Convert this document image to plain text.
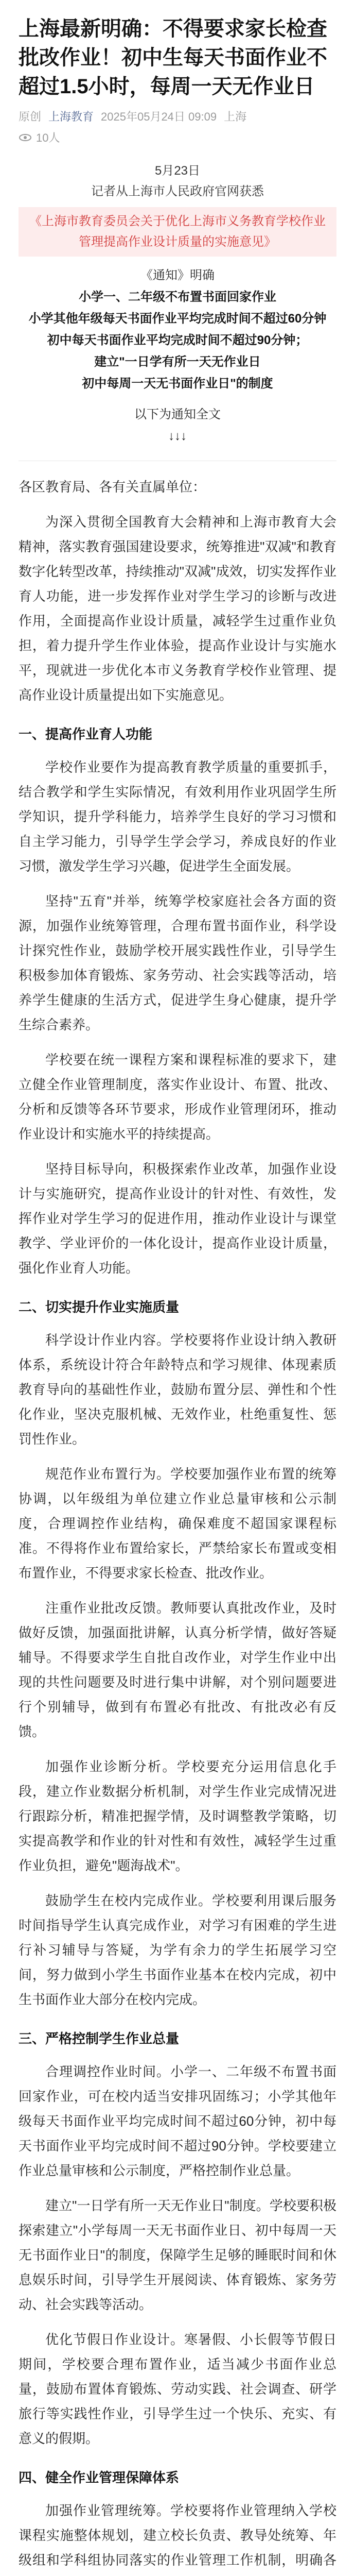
上海最新明确：不得要求家长检查批改作业！初中生每天书面作业不超过1.5小时，每周一天无作业日
原创 上海教育 2025年05月24日 09:09 上海
10人
5月23日
记者从上海市人民政府官网获悉
《上海市教育委员会关于优化上海市义务教育学校作业管理提高作业设计质量的实施意见》
《通知》明确
小学一、二年级不布置书面回家作业
小学其他年级每天书面作业平均完成时间不超过60分钟
初中每天书面作业平均完成时间不超过90分钟；
建立"一日学有所一天无作业日
初中每周一天无书面作业日"的制度
以下为通知全文
↓↓↓

各区教育局、各有关直属单位：

为深入贯彻全国教育大会精神和上海市教育大会精神，落实教育强国建设要求，统筹推进"双减"和教育数字化转型改革，持续推动"双减"成效，切实发挥作业育人功能，进一步发挥作业对学生学习的诊断与改进作用，全面提高作业设计质量，减轻学生过重作业负担，着力提升学生作业体验，提高作业设计与实施水平，现就进一步优化本市义务教育学校作业管理、提高作业设计质量提出如下实施意见。

一、提高作业育人功能

学校作业要作为提高教育教学质量的重要抓手，结合教学和学生实际情况，有效利用作业巩固学生所学知识，提升学科能力，培养学生良好的学习习惯和自主学习能力，引导学生学会学习，养成良好的作业习惯，激发学生学习兴趣，促进学生全面发展。

坚持"五育"并举，统筹学校家庭社会各方面的资源，加强作业统筹管理，合理布置书面作业，科学设计探究性作业，鼓励学校开展实践性作业，引导学生积极参加体育锻炼、家务劳动、社会实践等活动，培养学生健康的生活方式，促进学生身心健康，提升学生综合素养。

学校要在统一课程方案和课程标准的要求下，建立健全作业管理制度，落实作业设计、布置、批改、分析和反馈等各环节要求，形成作业管理闭环，推动作业设计和实施水平的持续提高。

坚持目标导向，积极探索作业改革，加强作业设计与实施研究，提高作业设计的针对性、有效性，发挥作业对学生学习的促进作用，推动作业设计与课堂教学、学业评价的一体化设计，提高作业设计质量，强化作业育人功能。

二、切实提升作业实施质量

科学设计作业内容。学校要将作业设计纳入教研体系，系统设计符合年龄特点和学习规律、体现素质教育导向的基础性作业，鼓励布置分层、弹性和个性化作业，坚决克服机械、无效作业，杜绝重复性、惩罚性作业。

规范作业布置行为。学校要加强作业布置的统筹协调，以年级组为单位建立作业总量审核和公示制度，合理调控作业结构，确保难度不超国家课程标准。不得将作业布置给家长，严禁给家长布置或变相布置作业，不得要求家长检查、批改作业。

注重作业批改反馈。教师要认真批改作业，及时做好反馈，加强面批讲解，认真分析学情，做好答疑辅导。不得要求学生自批自改作业，对学生作业中出现的共性问题要及时进行集中讲解，对个别问题要进行个别辅导，做到有布置必有批改、有批改必有反馈。

加强作业诊断分析。学校要充分运用信息化手段，建立作业数据分析机制，对学生作业完成情况进行跟踪分析，精准把握学情，及时调整教学策略，切实提高教学和作业的针对性和有效性，减轻学生过重作业负担，避免"题海战术"。

鼓励学生在校内完成作业。学校要利用课后服务时间指导学生认真完成作业，对学习有困难的学生进行补习辅导与答疑，为学有余力的学生拓展学习空间，努力做到小学生书面作业基本在校内完成，初中生书面作业大部分在校内完成。

三、严格控制学生作业总量

合理调控作业时间。小学一、二年级不布置书面回家作业，可在校内适当安排巩固练习；小学其他年级每天书面作业平均完成时间不超过60分钟，初中每天书面作业平均完成时间不超过90分钟。学校要建立作业总量审核和公示制度，严格控制作业总量。

建立"一日学有所一天无作业日"制度。学校要积极探索建立"小学每周一天无书面作业日、初中每周一天无书面作业日"的制度，保障学生足够的睡眠时间和休息娱乐时间，引导学生开展阅读、体育锻炼、家务劳动、社会实践等活动。

优化节假日作业设计。寒暑假、小长假等节假日期间，学校要合理布置作业，适当减少书面作业总量，鼓励布置体育锻炼、劳动实践、社会调查、研学旅行等实践性作业，引导学生过一个快乐、充实、有意义的假期。

四、健全作业管理保障体系

加强作业管理统筹。学校要将作业管理纳入学校课程实施整体规划，建立校长负责、教导处统筹、年级组和学科组协同落实的作业管理工作机制，明确各
